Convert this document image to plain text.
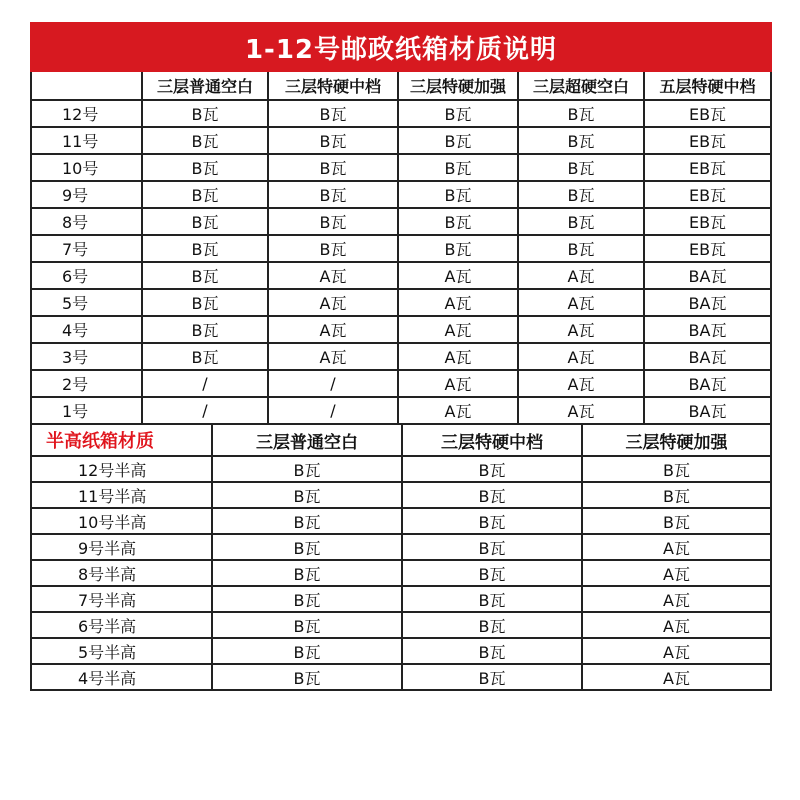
1-12号邮政纸箱材质说明
	三层普通空白	三层特硬中档	三层特硬加强	三层超硬空白	五层特硬中档
12号	B瓦	B瓦	B瓦	B瓦	EB瓦
11号	B瓦	B瓦	B瓦	B瓦	EB瓦
10号	B瓦	B瓦	B瓦	B瓦	EB瓦
9号	B瓦	B瓦	B瓦	B瓦	EB瓦
8号	B瓦	B瓦	B瓦	B瓦	EB瓦
7号	B瓦	B瓦	B瓦	B瓦	EB瓦
6号	B瓦	A瓦	A瓦	A瓦	BA瓦
5号	B瓦	A瓦	A瓦	A瓦	BA瓦
4号	B瓦	A瓦	A瓦	A瓦	BA瓦
3号	B瓦	A瓦	A瓦	A瓦	BA瓦
2号	/	/	A瓦	A瓦	BA瓦
1号	/	/	A瓦	A瓦	BA瓦
半高纸箱材质	三层普通空白	三层特硬中档	三层特硬加强
12号半高	B瓦	B瓦	B瓦
11号半高	B瓦	B瓦	B瓦
10号半高	B瓦	B瓦	B瓦
9号半高	B瓦	B瓦	A瓦
8号半高	B瓦	B瓦	A瓦
7号半高	B瓦	B瓦	A瓦
6号半高	B瓦	B瓦	A瓦
5号半高	B瓦	B瓦	A瓦
4号半高	B瓦	B瓦	A瓦
